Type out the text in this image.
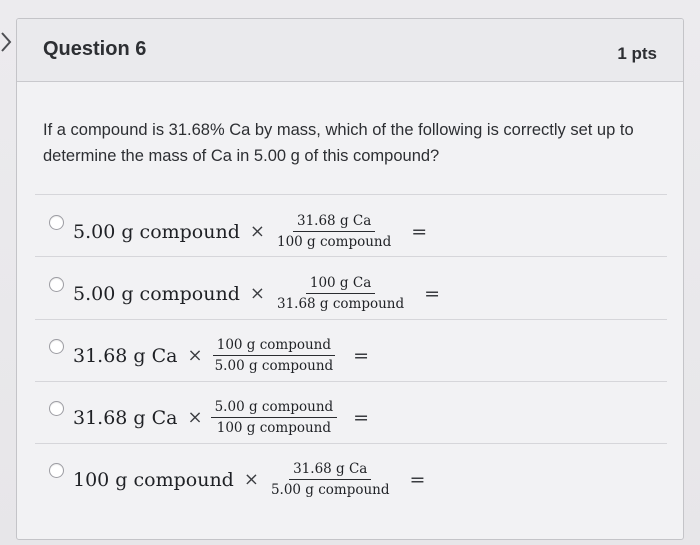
Question 6	1 pts
If a compound is 31.68% Ca by mass, which of the following is correctly set up to determine the mass of Ca in 5.00 g of this compound?
5.00 g compound × $\frac{\text{31.68 g Ca}}{\text{100 g compound}}$ =
5.00 g compound × $\frac{\text{100 g Ca}}{\text{31.68 g compound}}$ =
31.68 g $Ca \times \frac{\text{100 g compound}}{\text{5.00 g compound}}$ =
31.68 g $Ca \times \frac{\text{5.00 g compound}}{\text{100 g compound}}$ =
100 g compound × $\frac{\text{31.68 g Ca}}{\text{5.00 g compound}}$ =
